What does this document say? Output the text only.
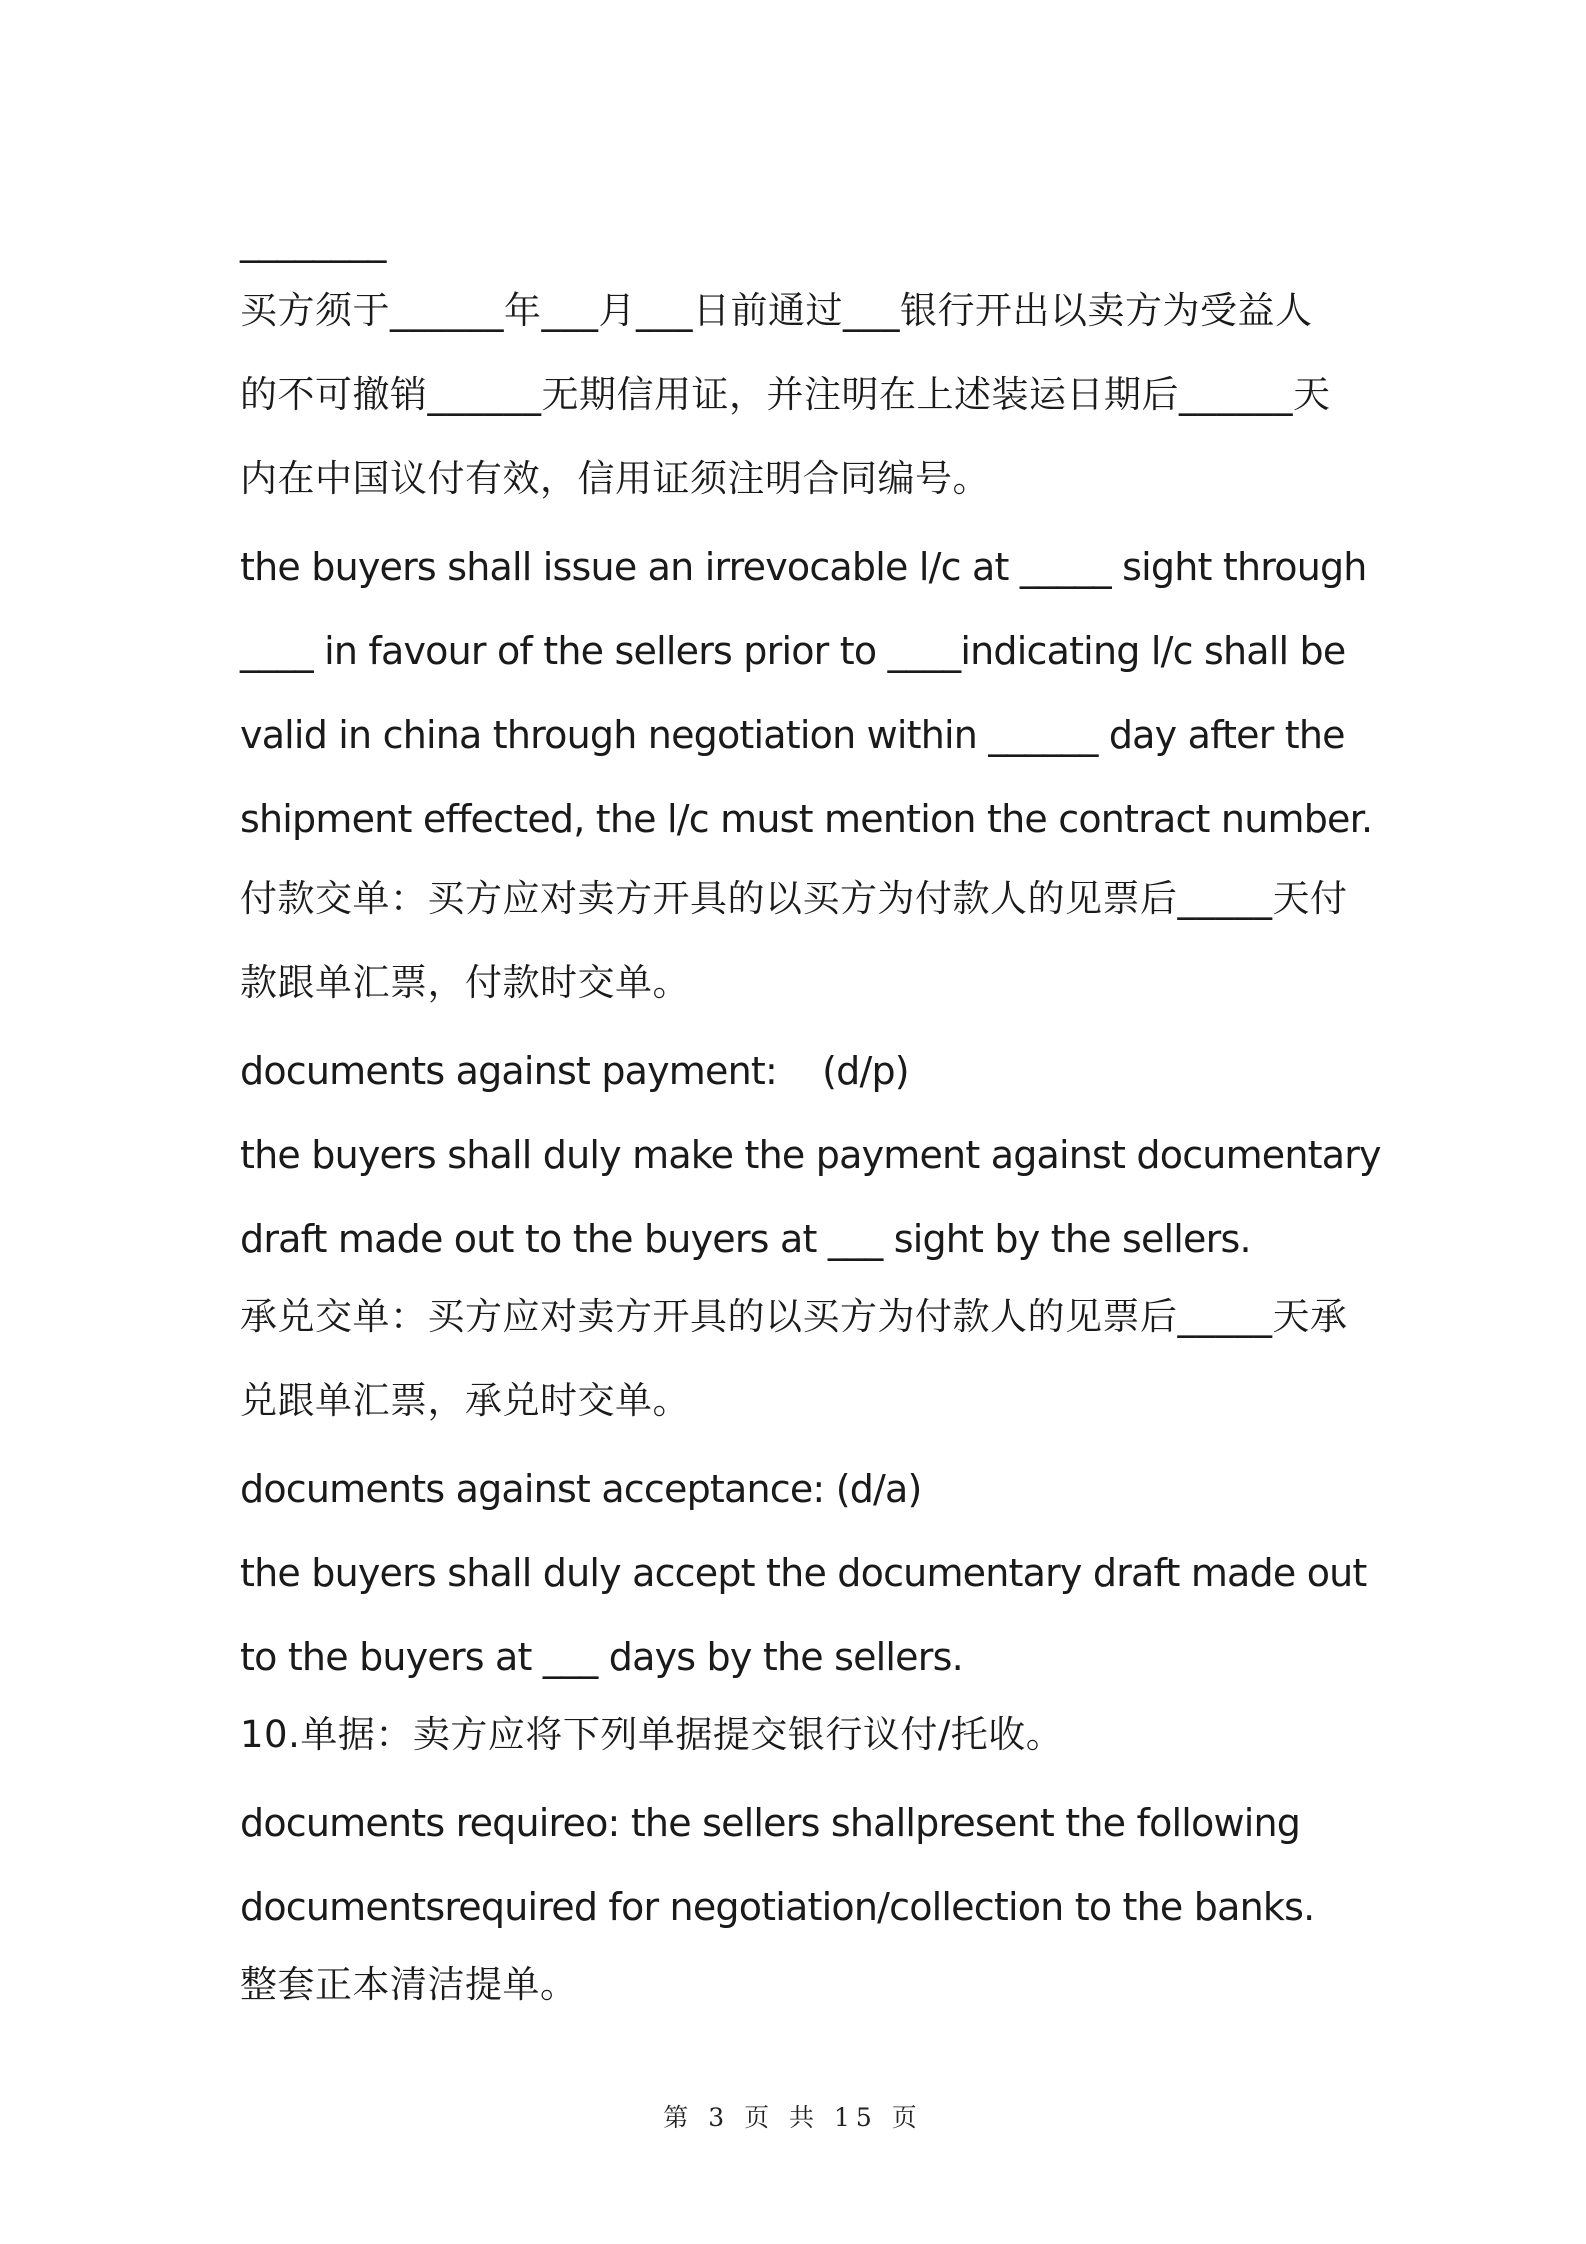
________
买方须于______年___月___日前通过___银行开出以卖方为受益人
的不可撤销______无期信用证，并注明在上述装运日期后______天
内在中国议付有效，信用证须注明合同编号。
the buyers shall issue an irrevocable l/c at _____ sight through
____ in favour of the sellers prior to ____indicating l/c shall be
valid in china through negotiation within ______ day after the
shipment effected, the l/c must mention the contract number.
付款交单：买方应对卖方开具的以买方为付款人的见票后_____天付
款跟单汇票，付款时交单。
documents against payment:    (d/p)
the buyers shall duly make the payment against documentary
draft made out to the buyers at ___ sight by the sellers.
承兑交单：买方应对卖方开具的以买方为付款人的见票后_____天承
兑跟单汇票，承兑时交单。
documents against acceptance: (d/a)
the buyers shall duly accept the documentary draft made out
to the buyers at ___ days by the sellers.
10.单据：卖方应将下列单据提交银行议付/托收。
documents requireo: the sellers shallpresent the following
documentsrequired for negotiation/collection to the banks.
整套正本清洁提单。
第 3 页 共 15 页
